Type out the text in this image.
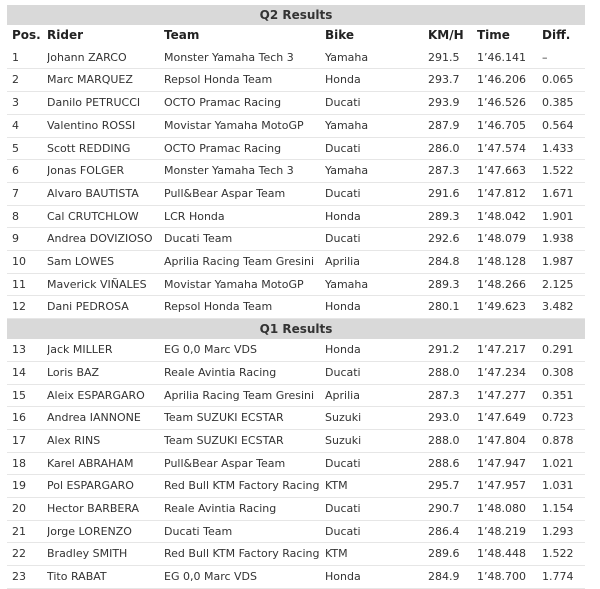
Q2 Results						
Pos.	Rider	Team	Bike	KM/H	Time	Diff.
1	Johann ZARCO	Monster Yamaha Tech 3	Yamaha	291.5	1’46.141	–
2	Marc MARQUEZ	Repsol Honda Team	Honda	293.7	1’46.206	0.065
3	Danilo PETRUCCI	OCTO Pramac Racing	Ducati	293.9	1’46.526	0.385
4	Valentino ROSSI	Movistar Yamaha MotoGP	Yamaha	287.9	1’46.705	0.564
5	Scott REDDING	OCTO Pramac Racing	Ducati	286.0	1’47.574	1.433
6	Jonas FOLGER	Monster Yamaha Tech 3	Yamaha	287.3	1’47.663	1.522
7	Alvaro BAUTISTA	Pull&Bear Aspar Team	Ducati	291.6	1’47.812	1.671
8	Cal CRUTCHLOW	LCR Honda	Honda	289.3	1’48.042	1.901
9	Andrea DOVIZIOSO	Ducati Team	Ducati	292.6	1’48.079	1.938
10	Sam LOWES	Aprilia Racing Team Gresini	Aprilia	284.8	1’48.128	1.987
11	Maverick VIÑALES	Movistar Yamaha MotoGP	Yamaha	289.3	1’48.266	2.125
12	Dani PEDROSA	Repsol Honda Team	Honda	280.1	1’49.623	3.482
Q1 Results						
13	Jack MILLER	EG 0,0 Marc VDS	Honda	291.2	1’47.217	0.291
14	Loris BAZ	Reale Avintia Racing	Ducati	288.0	1’47.234	0.308
15	Aleix ESPARGARO	Aprilia Racing Team Gresini	Aprilia	287.3	1’47.277	0.351
16	Andrea IANNONE	Team SUZUKI ECSTAR	Suzuki	293.0	1’47.649	0.723
17	Alex RINS	Team SUZUKI ECSTAR	Suzuki	288.0	1’47.804	0.878
18	Karel ABRAHAM	Pull&Bear Aspar Team	Ducati	288.6	1’47.947	1.021
19	Pol ESPARGARO	Red Bull KTM Factory Racing	KTM	295.7	1’47.957	1.031
20	Hector BARBERA	Reale Avintia Racing	Ducati	290.7	1’48.080	1.154
21	Jorge LORENZO	Ducati Team	Ducati	286.4	1’48.219	1.293
22	Bradley SMITH	Red Bull KTM Factory Racing	KTM	289.6	1’48.448	1.522
23	Tito RABAT	EG 0,0 Marc VDS	Honda	284.9	1’48.700	1.774
